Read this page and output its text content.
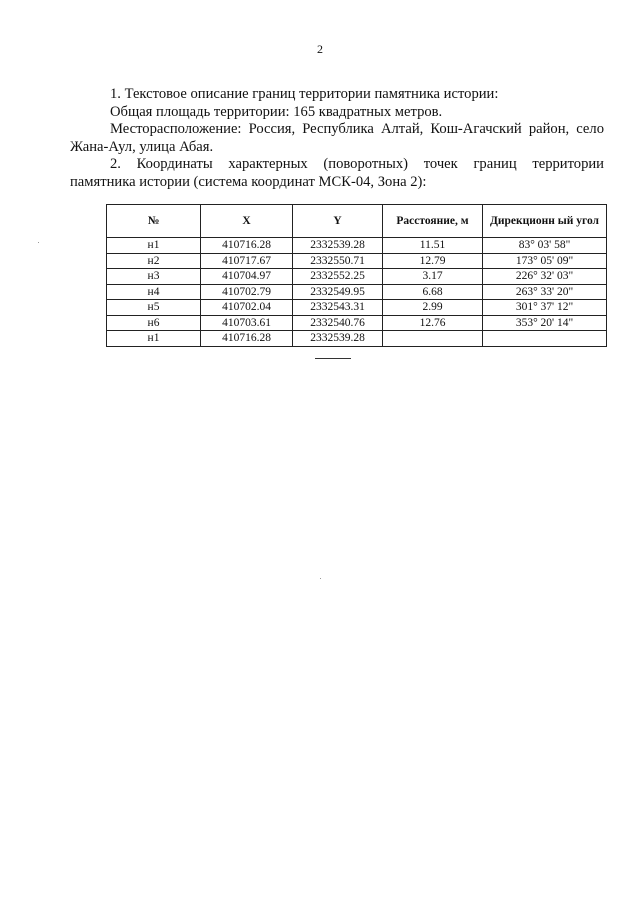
2

1. Текстовое описание границ территории памятника истории:

Общая площадь территории: 165 квадратных метров.

Месторасположение: Россия, Республика Алтай, Кош-Агачский район, село

Жана-Аул, улица Абая.

2. Координаты характерных (поворотных) точек границ территории

памятника истории (система координат МСК-04, Зона 2):

№	X	Y	Расстояние, м	Дирекционн ый угол
н1	410716.28	2332539.28	11.51	83° 03' 58"
н2	410717.67	2332550.71	12.79	173° 05' 09"
н3	410704.97	2332552.25	3.17	226° 32' 03"
н4	410702.79	2332549.95	6.68	263° 33' 20"
н5	410702.04	2332543.31	2.99	301° 37' 12"
н6	410703.61	2332540.76	12.76	353° 20' 14"
н1	410716.28	2332539.28		
